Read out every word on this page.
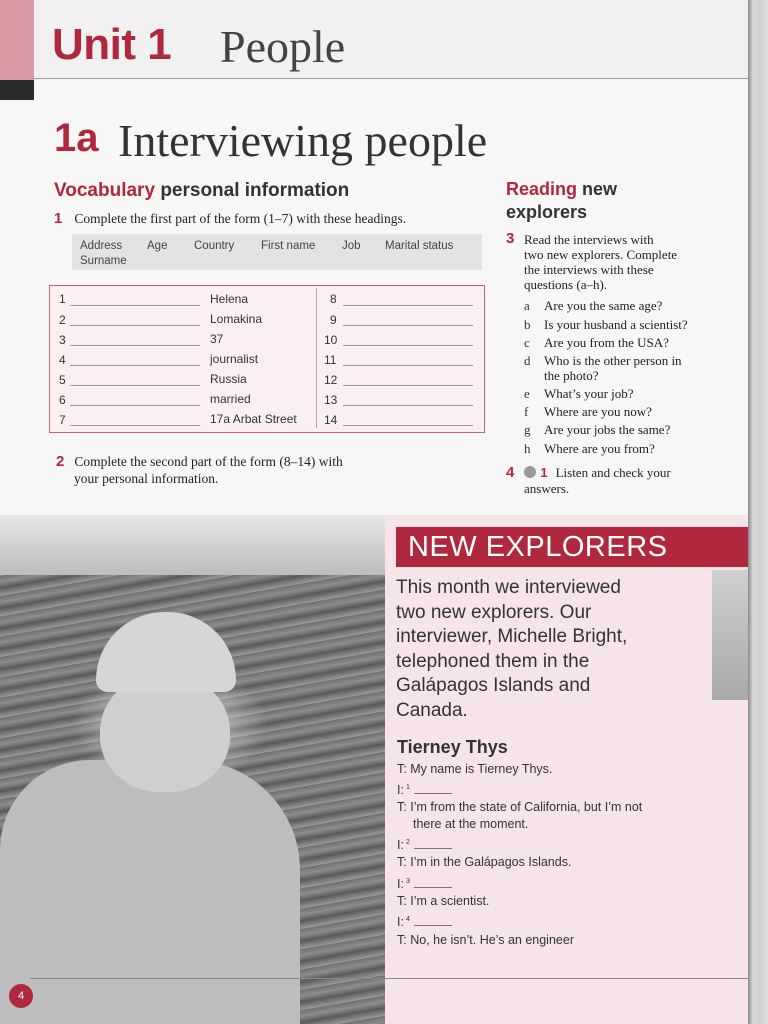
Unit 1 People
1a Interviewing people
Vocabulary personal information
1 Complete the first part of the form (1–7) with these headings.
Address Age Country First name Job Marital status
Surname
1	Helena
2	Lomakina
3	37
4	journalist
5	Russia
6	married
7	17a Arbat Street
8
9
10
11
12
13
14
2 Complete the second part of the form (8–14) with
your personal information.
Reading new
explorers
3 Read the interviews with
two new explorers. Complete
the interviews with these
questions (a–h).
a Are you the same age?
b Is your husband a scientist?
c Are you from the USA?
d Who is the other person in
the photo?
e What’s your job?
f Where are you now?
g Are your jobs the same?
h Where are you from?
4 1 Listen and check your
answers.
NEW EXPLORERS
This month we interviewed
two new explorers. Our
interviewer, Michelle Bright,
telephoned them in the
Galápagos Islands and
Canada.
Tierney Thys
T: My name is Tierney Thys.
I: $^1$
T: I’m from the state of California, but I’m not
there at the moment.
I: $^2$
T: I’m in the Galápagos Islands.
I: $^3$
T: I’m a scientist.
I: $^4$
T: No, he isn’t. He’s an engineer
4
